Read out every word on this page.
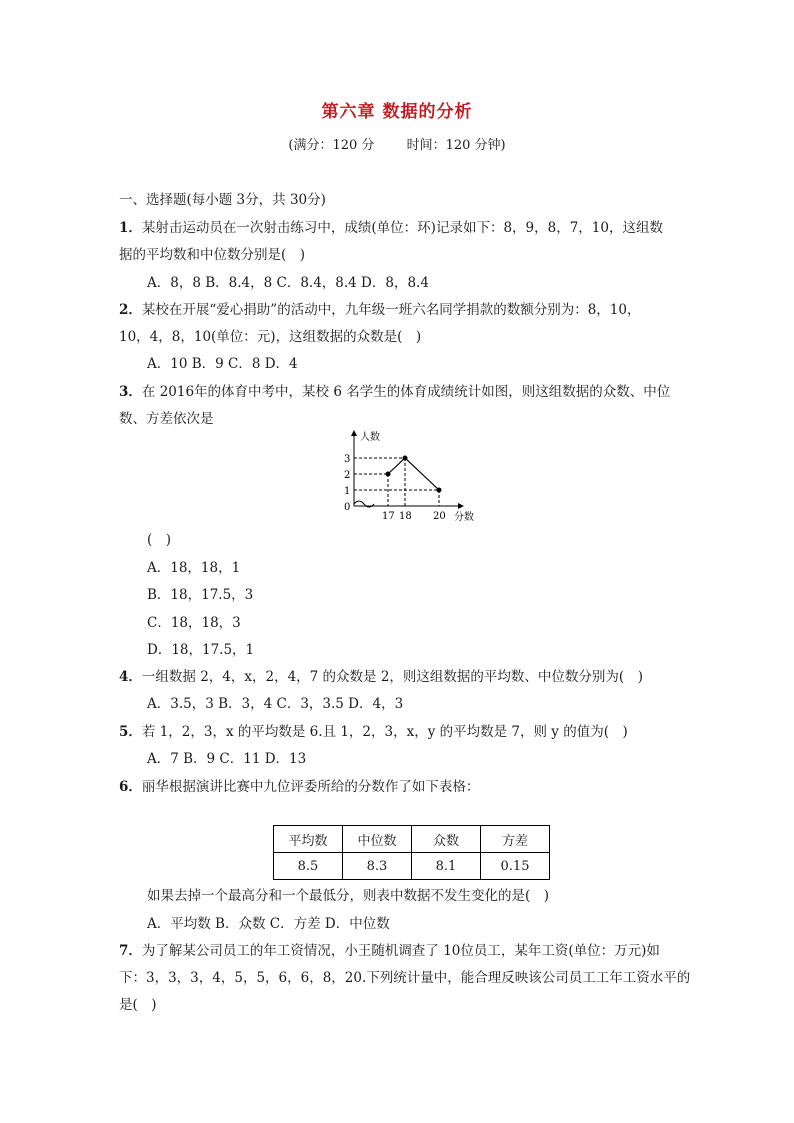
第六章 数据的分析
(满分：120 分 时间：120 分钟)
一、选择题(每小题 3分，共 30分)
1．某射击运动员在一次射击练习中，成绩(单位：环)记录如下：8，9，8，7，10，这组数
据的平均数和中位数分别是(　)
A．8，8 B．8.4，8 C．8.4，8.4 D．8，8.4
2．某校在开展“爱心捐助”的活动中，九年级一班六名同学捐款的数额分别为：8，10，
10，4，8，10(单位：元)，这组数据的众数是(　)
A．10 B．9 C．8 D．4
3．在 2016年的体育中考中，某校 6 名学生的体育成绩统计如图，则这组数据的众数、中位
数、方差依次是
0
1
2
3
17 18 20
人数
分数
(　)
A．18，18，1
B．18，17.5，3
C．18，18，3
D．18，17.5，1
4．一组数据 2，4，x，2，4，7 的众数是 2，则这组数据的平均数、中位数分别为(　)
A．3.5，3 B．3，4 C．3，3.5 D．4，3
5．若 1，2，3，x 的平均数是 6.且 1，2，3，x，y 的平均数是 7，则 y 的值为(　)
A．7 B．9 C．11 D．13
6．丽华根据演讲比赛中九位评委所给的分数作了如下表格：
平均数	中位数	众数	方差
8.5	8.3	8.1	0.15
如果去掉一个最高分和一个最低分，则表中数据不发生变化的是(　)
A．平均数 B．众数 C．方差 D．中位数
7．为了解某公司员工的年工资情况，小王随机调查了 10位员工，某年工资(单位：万元)如
下：3，3，3，4，5，5，6，6，8，20.下列统计量中，能合理反映该公司员工工年工资水平的
是(　)
